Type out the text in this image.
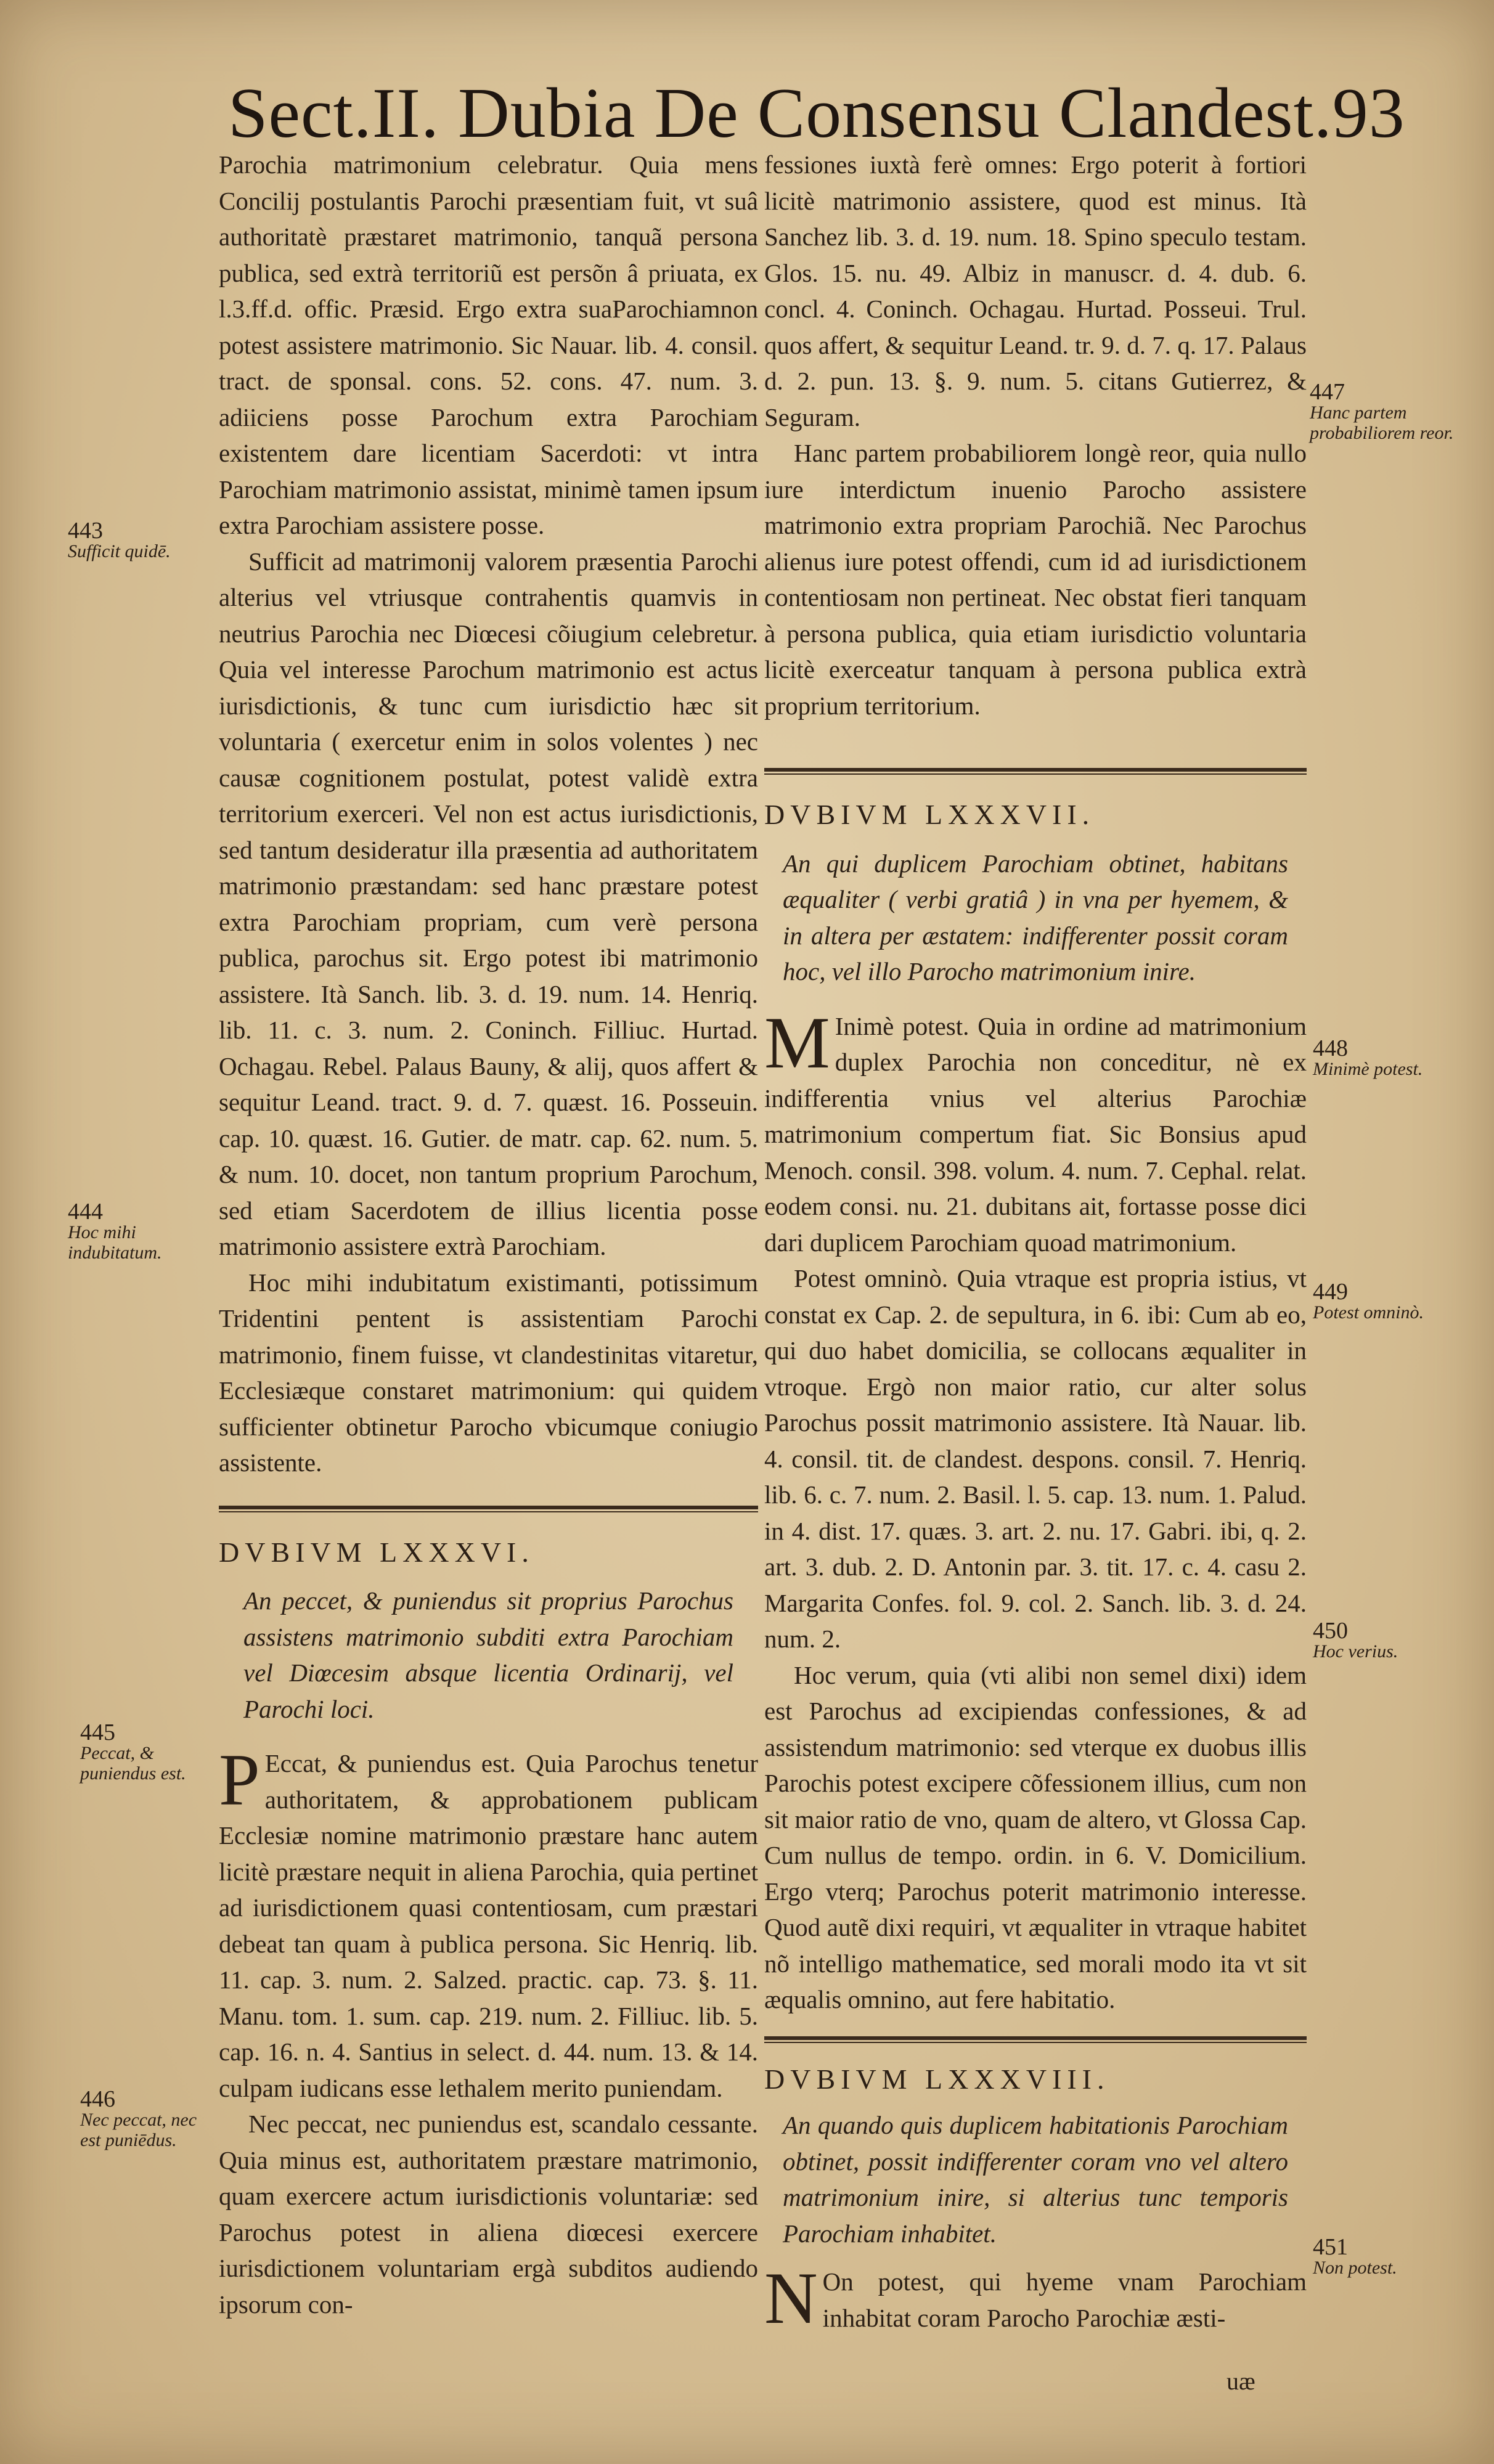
Sect.II. Dubia De Consensu Clandest.93

Parochia matrimonium celebratur. Quia mens Concilij postulantis Parochi præsentiam fuit, vt suâ authoritatè præstaret matrimonio, tanquã persona publica, sed extrà territoriũ est persõn â priuata, ex l.3.ff.d. offic. Præsid. Ergo extra suaParochiamnon potest assistere matrimonio. Sic Nauar. lib. 4. consil. tract. de sponsal. cons. 52. cons. 47. num. 3. adiiciens posse Parochum extra Parochiam existentem dare licentiam Sacerdoti: vt intra Parochiam matrimonio assistat, minimè tamen ipsum extra Parochiam assistere posse.

Sufficit ad matrimonij valorem præsentia Parochi alterius vel vtriusque contrahentis quamvis in neutrius Parochia nec Diœcesi cõiugium celebretur. Quia vel interesse Parochum matrimonio est actus iurisdictionis, & tunc cum iurisdictio hæc sit voluntaria ( exercetur enim in solos volentes ) nec causæ cognitionem postulat, potest validè extra territorium exerceri. Vel non est actus iurisdictionis, sed tantum desideratur illa præsentia ad authoritatem matrimonio præstandam: sed hanc præstare potest extra Parochiam propriam, cum verè persona publica, parochus sit. Ergo potest ibi matrimonio assistere. Ità Sanch. lib. 3. d. 19. num. 14. Henriq. lib. 11. c. 3. num. 2. Coninch. Filliuc. Hurtad. Ochagau. Rebel. Palaus Bauny, & alij, quos affert & sequitur Leand. tract. 9. d. 7. quæst. 16. Posseuin. cap. 10. quæst. 16. Gutier. de matr. cap. 62. num. 5. & num. 10. docet, non tantum proprium Parochum, sed etiam Sacerdotem de illius licentia posse matrimonio assistere extrà Parochiam.

Hoc mihi indubitatum existimanti, potissimum Tridentini pentent is assistentiam Parochi matrimonio, finem fuisse, vt clandestinitas vitaretur, Ecclesiæque constaret matrimonium: qui quidem sufficienter obtinetur Parocho vbicumque coniugio assistente.

DVBIVM LXXXVI.

An peccet, & puniendus sit proprius Parochus assistens matrimonio subditi extra Parochiam vel Diœcesim absque licentia Ordinarij, vel Parochi loci.

P Eccat, & puniendus est. Quia Parochus tenetur authoritatem, & approbationem publicam Ecclesiæ nomine matrimonio præstare hanc autem licitè præstare nequit in aliena Parochia, quia pertinet ad iurisdictionem quasi contentiosam, cum præstari debeat tan quam à publica persona. Sic Henriq. lib. 11. cap. 3. num. 2. Salzed. practic. cap. 73. §. 11. Manu. tom. 1. sum. cap. 219. num. 2. Filliuc. lib. 5. cap. 16. n. 4. Santius in select. d. 44. num. 13. & 14. culpam iudicans esse lethalem merito puniendam.

Nec peccat, nec puniendus est, scandalo cessante. Quia minus est, authoritatem præstare matrimonio, quam exercere actum iurisdictionis voluntariæ: sed Parochus potest in aliena diœcesi exercere iurisdictionem voluntariam ergà subditos audiendo ipsorum con-

fessiones iuxtà ferè omnes: Ergo poterit à fortiori licitè matrimonio assistere, quod est minus. Ità Sanchez lib. 3. d. 19. num. 18. Spino speculo testam. Glos. 15. nu. 49. Albiz in manuscr. d. 4. dub. 6. concl. 4. Coninch. Ochagau. Hurtad. Posseui. Trul. quos affert, & sequitur Leand. tr. 9. d. 7. q. 17. Palaus d. 2. pun. 13. §. 9. num. 5. citans Gutierrez, & Seguram.

Hanc partem probabiliorem longè reor, quia nullo iure interdictum inuenio Parocho assistere matrimonio extra propriam Parochiã. Nec Parochus alienus iure potest offendi, cum id ad iurisdictionem contentiosam non pertineat. Nec obstat fieri tanquam à persona publica, quia etiam iurisdictio voluntaria licitè exerceatur tanquam à persona publica extrà proprium territorium.

DVBIVM LXXXVII.

An qui duplicem Parochiam obtinet, habitans æqualiter ( verbi gratiâ ) in vna per hyemem, & in altera per æstatem: indifferenter possit coram hoc, vel illo Parocho matrimonium inire.

M Inimè potest. Quia in ordine ad matrimonium duplex Parochia non conceditur, nè ex indifferentia vnius vel alterius Parochiæ matrimonium compertum fiat. Sic Bonsius apud Menoch. consil. 398. volum. 4. num. 7. Cephal. relat. eodem consi. nu. 21. dubitans ait, fortasse posse dici dari duplicem Parochiam quoad matrimonium.

Potest omninò. Quia vtraque est propria istius, vt constat ex Cap. 2. de sepultura, in 6. ibi: Cum ab eo, qui duo habet domicilia, se collocans æqualiter in vtroque. Ergò non maior ratio, cur alter solus Parochus possit matrimonio assistere. Ità Nauar. lib. 4. consil. tit. de clandest. despons. consil. 7. Henriq. lib. 6. c. 7. num. 2. Basil. l. 5. cap. 13. num. 1. Palud. in 4. dist. 17. quæs. 3. art. 2. nu. 17. Gabri. ibi, q. 2. art. 3. dub. 2. D. Antonin par. 3. tit. 17. c. 4. casu 2. Margarita Confes. fol. 9. col. 2. Sanch. lib. 3. d. 24. num. 2.

Hoc verum, quia (vti alibi non semel dixi) idem est Parochus ad excipiendas confessiones, & ad assistendum matrimonio: sed vterque ex duobus illis Parochis potest excipere cõfessionem illius, cum non sit maior ratio de vno, quam de altero, vt Glossa Cap. Cum nullus de tempo. ordin. in 6. V. Domicilium. Ergo vterq; Parochus poterit matrimonio interesse. Quod autẽ dixi requiri, vt æqualiter in vtraque habitet nõ intelligo mathematice, sed morali modo ita vt sit æqualis omnino, aut fere habitatio.

DVBIVM LXXXVIII.

An quando quis duplicem habitationis Parochiam obtinet, possit indifferenter coram vno vel altero matrimonium inire, si alterius tunc temporis Parochiam inhabitet.

N On potest, qui hyeme vnam Parochiam inhabitat coram Parocho Parochiæ æsti-

uæ
443
Sufficit quidē.
444
Hoc mihi indubitatum.
445
Peccat, & puniendus est.
446
Nec peccat, nec est puniēdus.
447
Hanc partem probabiliorem reor.
448
Minimè potest.
449
Potest omninò.
450
Hoc verius.
451
Non potest.
